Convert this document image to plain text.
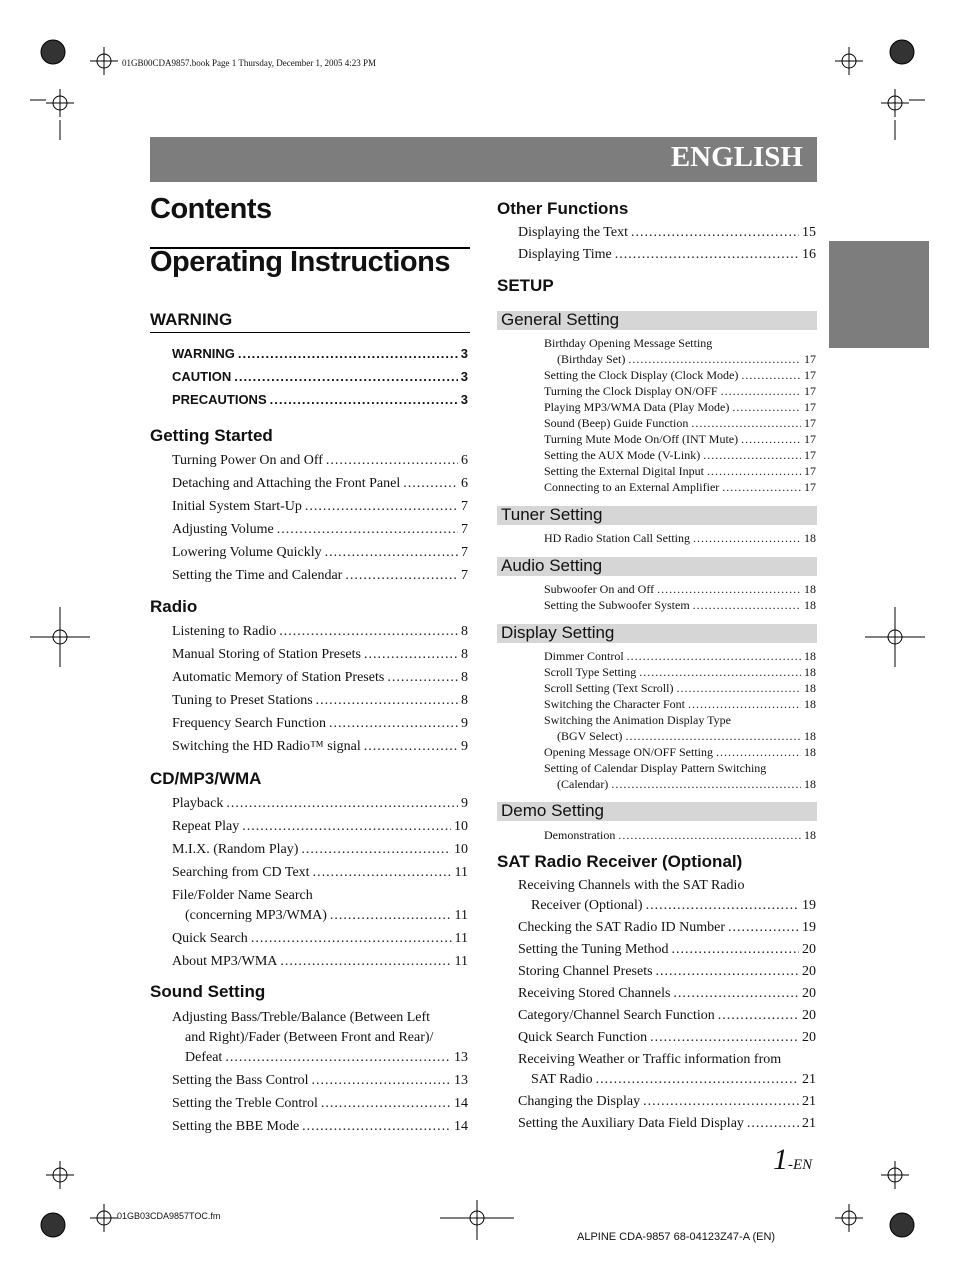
01GB00CDA9857.book Page 1 Thursday, December 1, 2005 4:23 PM
ENGLISH
Contents
Operating Instructions
WARNING
WARNING .....	3
CAUTION .....	3
PRECAUTIONS .....	3
Getting Started
Turning Power On and Off .....	6
Detaching and Attaching the Front Panel .....	6
Initial System Start-Up .....	7
Adjusting Volume .....	7
Lowering Volume Quickly .....	7
Setting the Time and Calendar .....	7
Radio
Listening to Radio .....	8
Manual Storing of Station Presets .....	8
Automatic Memory of Station Presets .....	8
Tuning to Preset Stations .....	8
Frequency Search Function .....	9
Switching the HD Radio™ signal .....	9
CD/MP3/WMA
Playback .....	9
Repeat Play .....	10
M.I.X. (Random Play) .....	10
Searching from CD Text .....	11
File/Folder Name Search
(concerning MP3/WMA) .....	11
Quick Search .....	11
About MP3/WMA .....	11
Sound Setting
Adjusting Bass/Treble/Balance (Between Left
and Right)/Fader (Between Front and Rear)/
Defeat .....	13
Setting the Bass Control .....	13
Setting the Treble Control .....	14
Setting the BBE Mode .....	14
Other Functions
Displaying the Text .....	15
Displaying Time .....	16
SETUP
General Setting
Birthday Opening Message Setting
(Birthday Set) .....	17
Setting the Clock Display (Clock Mode) .....	17
Turning the Clock Display ON/OFF .....	17
Playing MP3/WMA Data (Play Mode) .....	17
Sound (Beep) Guide Function .....	17
Turning Mute Mode On/Off (INT Mute) .....	17
Setting the AUX Mode (V-Link) .....	17
Setting the External Digital Input .....	17
Connecting to an External Amplifier .....	17
Tuner Setting
HD Radio Station Call Setting .....	18
Audio Setting
Subwoofer On and Off .....	18
Setting the Subwoofer System .....	18
Display Setting
Dimmer Control .....	18
Scroll Type Setting .....	18
Scroll Setting (Text Scroll) .....	18
Switching the Character Font .....	18
Switching the Animation Display Type
(BGV Select) .....	18
Opening Message ON/OFF Setting .....	18
Setting of Calendar Display Pattern Switching
(Calendar) .....	18
Demo Setting
Demonstration .....	18
SAT Radio Receiver (Optional)
Receiving Channels with the SAT Radio
Receiver (Optional) .....	19
Checking the SAT Radio ID Number .....	19
Setting the Tuning Method .....	20
Storing Channel Presets .....	20
Receiving Stored Channels .....	20
Category/Channel Search Function .....	20
Quick Search Function .....	20
Receiving Weather or Traffic information from
SAT Radio .....	21
Changing the Display .....	21
Setting the Auxiliary Data Field Display .....	21
1-EN
01GB03CDA9857TOC.fm
ALPINE CDA-9857 68-04123Z47-A (EN)
